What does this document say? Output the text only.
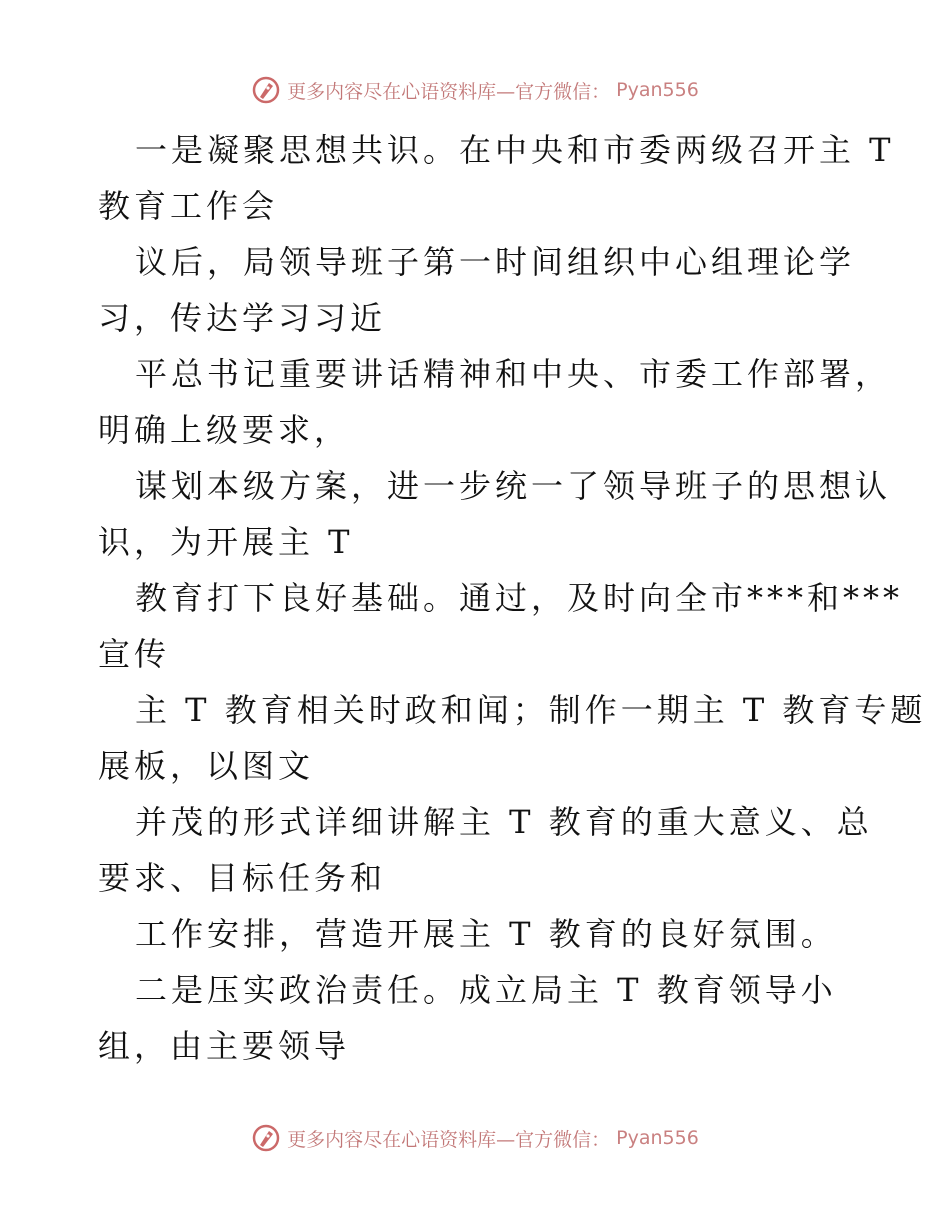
更多内容尽在心语资料库—官方微信： Pyan556
一是凝聚思想共识。在中央和市委两级召开主 T
教育工作会
议后，局领导班子第一时间组织中心组理论学
习，传达学习习近
平总书记重要讲话精神和中央、市委工作部署，
明确上级要求，
谋划本级方案，进一步统一了领导班子的思想认
识，为开展主 T
教育打下良好基础。通过，及时向全市***和***
宣传
主 T 教育相关时政和闻；制作一期主 T 教育专题
展板，以图文
并茂的形式详细讲解主 T 教育的重大意义、总
要求、目标任务和
工作安排，营造开展主 T 教育的良好氛围。
二是压实政治责任。成立局主 T 教育领导小
组，由主要领导
更多内容尽在心语资料库—官方微信： Pyan556
